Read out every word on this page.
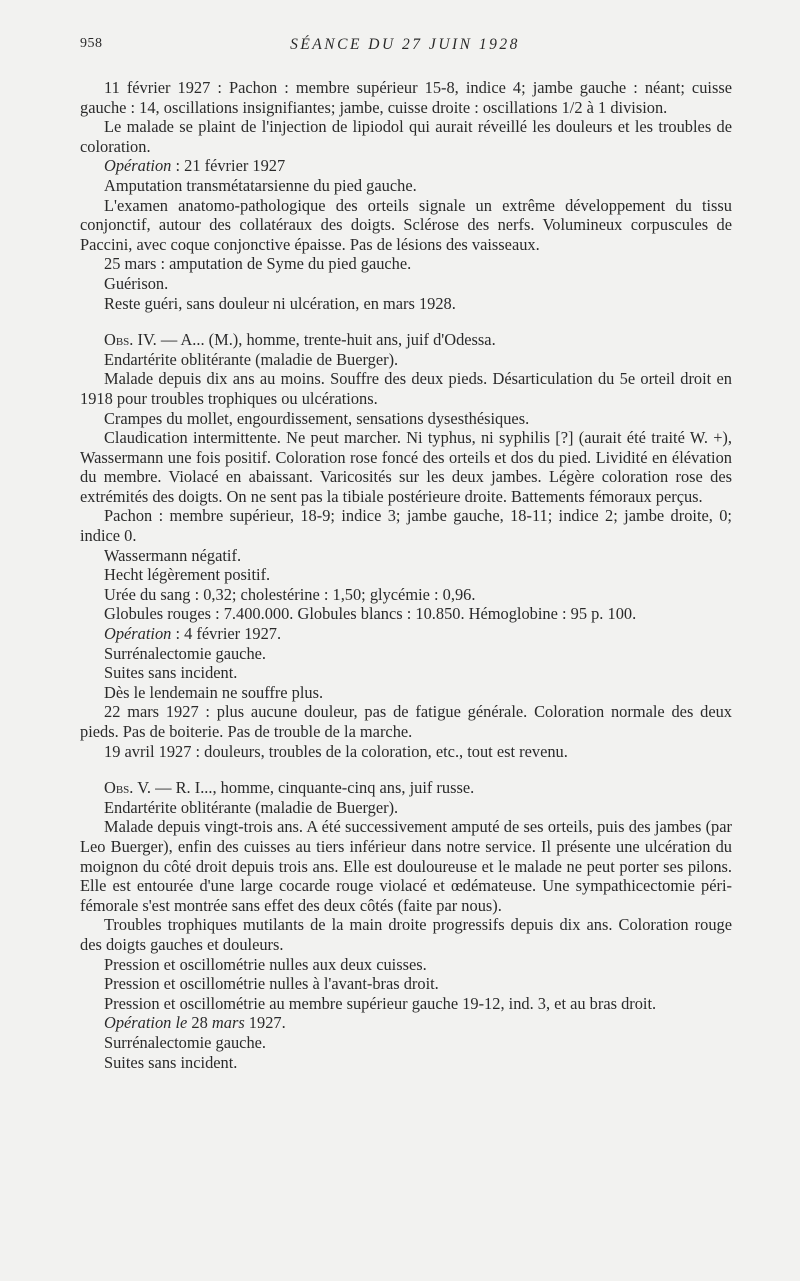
958	SÉANCE DU 27 JUIN 1928

11 février 1927 : Pachon : membre supérieur 15-8, indice 4; jambe gauche : néant; cuisse gauche : 14, oscillations insignifiantes; jambe, cuisse droite : oscillations 1/2 à 1 division.

Le malade se plaint de l'injection de lipiodol qui aurait réveillé les douleurs et les troubles de coloration.

Opération : 21 février 1927

Amputation transmétatarsienne du pied gauche.

L'examen anatomo-pathologique des orteils signale un extrême développement du tissu conjonctif, autour des collatéraux des doigts. Sclérose des nerfs. Volumineux corpuscules de Paccini, avec coque conjonctive épaisse. Pas de lésions des vaisseaux.

25 mars : amputation de Syme du pied gauche.

Guérison.

Reste guéri, sans douleur ni ulcération, en mars 1928.

Obs. IV. — A... (M.), homme, trente-huit ans, juif d'Odessa.

Endartérite oblitérante (maladie de Buerger).

Malade depuis dix ans au moins. Souffre des deux pieds. Désarticulation du 5e orteil droit en 1918 pour troubles trophiques ou ulcérations.

Crampes du mollet, engourdissement, sensations dysesthésiques.

Claudication intermittente. Ne peut marcher. Ni typhus, ni syphilis [?] (aurait été traité W. +), Wassermann une fois positif. Coloration rose foncé des orteils et dos du pied. Lividité en élévation du membre. Violacé en abaissant. Varicosités sur les deux jambes. Légère coloration rose des extrémités des doigts. On ne sent pas la tibiale postérieure droite. Battements fémoraux perçus.

Pachon : membre supérieur, 18-9; indice 3; jambe gauche, 18-11; indice 2; jambe droite, 0; indice 0.

Wassermann négatif.

Hecht légèrement positif.

Urée du sang : 0,32; cholestérine : 1,50; glycémie : 0,96.

Globules rouges : 7.400.000. Globules blancs : 10.850. Hémoglobine : 95 p. 100.

Opération : 4 février 1927.

Surrénalectomie gauche.

Suites sans incident.

Dès le lendemain ne souffre plus.

22 mars 1927 : plus aucune douleur, pas de fatigue générale. Coloration normale des deux pieds. Pas de boiterie. Pas de trouble de la marche.

19 avril 1927 : douleurs, troubles de la coloration, etc., tout est revenu.

Obs. V. — R. I..., homme, cinquante-cinq ans, juif russe.

Endartérite oblitérante (maladie de Buerger).

Malade depuis vingt-trois ans. A été successivement amputé de ses orteils, puis des jambes (par Leo Buerger), enfin des cuisses au tiers inférieur dans notre service. Il présente une ulcération du moignon du côté droit depuis trois ans. Elle est douloureuse et le malade ne peut porter ses pilons. Elle est entourée d'une large cocarde rouge violacé et œdémateuse. Une sympathicectomie péri-fémorale s'est montrée sans effet des deux côtés (faite par nous).

Troubles trophiques mutilants de la main droite progressifs depuis dix ans. Coloration rouge des doigts gauches et douleurs.

Pression et oscillométrie nulles aux deux cuisses.

Pression et oscillométrie nulles à l'avant-bras droit.

Pression et oscillométrie au membre supérieur gauche 19-12, ind. 3, et au bras droit.

Opération le 28 mars 1927.

Surrénalectomie gauche.

Suites sans incident.
